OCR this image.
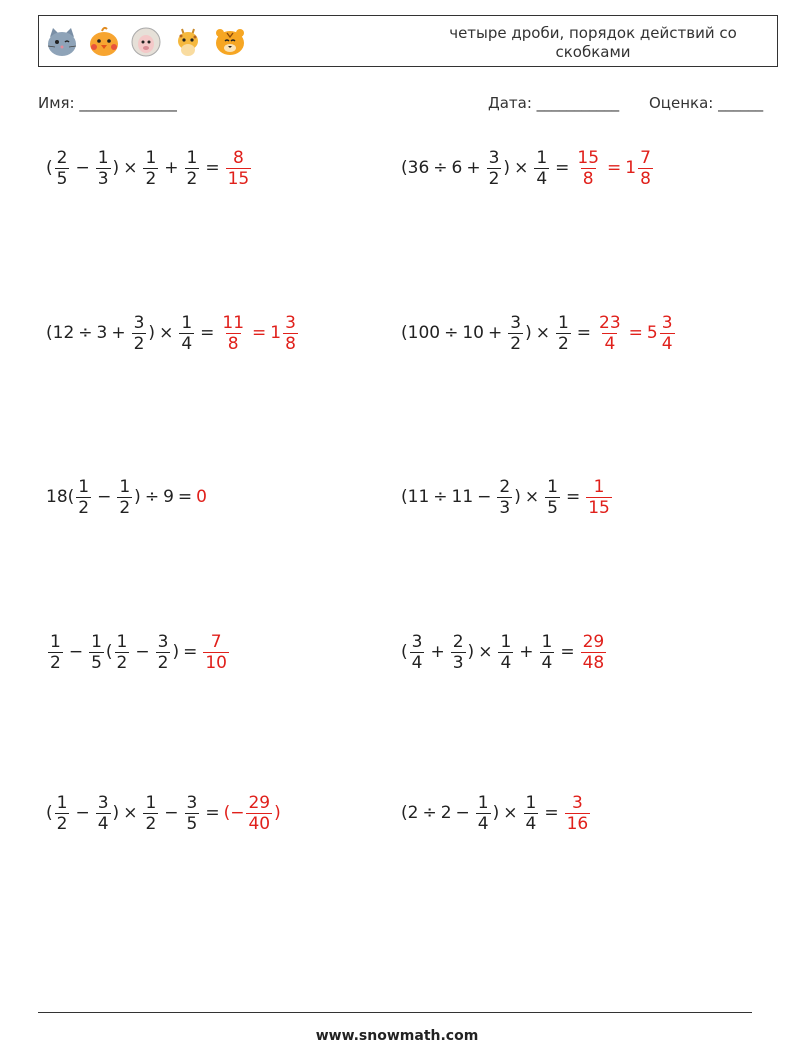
четыре дроби, порядок действий со скобками
Имя: _____________	Дата: ___________ Оценка: ______
( $\frac{2}{5} - \frac{1}{3}$ ) × $\frac{1}{2} + \frac{1}{2} = \frac{8}{15}$	($36 \div 6 + \frac{3}{2}$ ) × $\frac{1}{4} = \frac{15}{8} = 1 \frac{7}{8}$
($12 \div 3 + \frac{3}{2}$ ) × $\frac{1}{4} = \frac{11}{8} = 1 \frac{3}{8}$	($100 \div 10 + \frac{3}{2}$ ) × $\frac{1}{2} = \frac{23}{4} = 5 \frac{3}{4}$
$18( \frac{1}{2} - \frac{1}{2}$ ) ÷ 9 = 0	($11 \div 11 - \frac{2}{3}$ ) × $\frac{1}{5} = \frac{1}{15}$
$\frac{1}{2} - \frac{1}{5}$ ( $\frac{1}{2} - \frac{3}{2}$ ) = $\frac{7}{10}$	( $\frac{3}{4} + \frac{2}{3}$ ) × $\frac{1}{4} + \frac{1}{4} = \frac{29}{48}$
( $\frac{1}{2} - \frac{3}{4}$ ) × $\frac{1}{2} - \frac{3}{5}$ = (− $\frac{29}{40}$ )	($2 \div 2 - \frac{1}{4}$ ) × $\frac{1}{4} = \frac{3}{16}$
www.snowmath.com
